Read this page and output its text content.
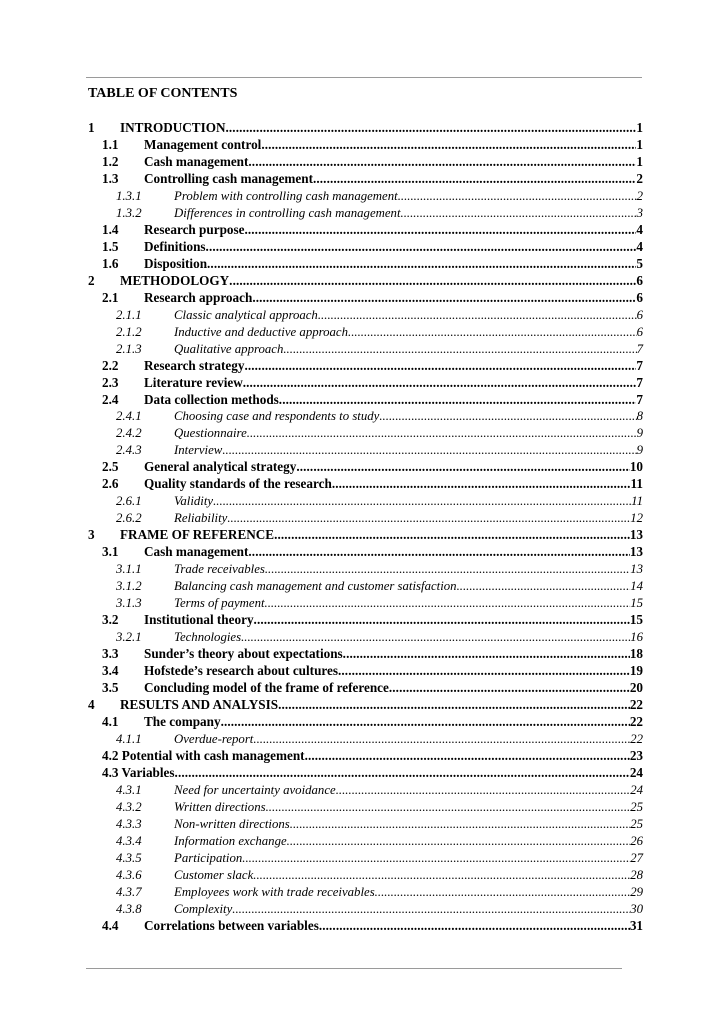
TABLE OF CONTENTS
1	INTRODUCTION . . .	1
1.1	Management control . . .	1
1.2	Cash management . . .	1
1.3	Controlling cash management . . .	2
1.3.1	Problem with controlling cash management . . .	2
1.3.2	Differences in controlling cash management . . .	3
1.4	Research purpose . . .	4
1.5	Definitions . . .	4
1.6	Disposition . . .	5
2	METHODOLOGY . . .	6
2.1	Research approach . . .	6
2.1.1	Classic analytical approach . . .	6
2.1.2	Inductive and deductive approach . . .	6
2.1.3	Qualitative approach . . .	7
2.2	Research strategy . . .	7
2.3	Literature review . . .	7
2.4	Data collection methods . . .	7
2.4.1	Choosing case and respondents to study . . .	8
2.4.2	Questionnaire . . .	9
2.4.3	Interview . . .	9
2.5	General analytical strategy . . .	10
2.6	Quality standards of the research . . .	11
2.6.1	Validity . . .	11
2.6.2	Reliability . . .	12
3	FRAME OF REFERENCE . . .	13
3.1	Cash management . . .	13
3.1.1	Trade receivables . . .	13
3.1.2	Balancing cash management and customer satisfaction . . .	14
3.1.3	Terms of payment . . .	15
3.2	Institutional theory . . .	15
3.2.1	Technologies . . .	16
3.3	Sunder’s theory about expectations . . .	18
3.4	Hofstede’s research about cultures . . .	19
3.5	Concluding model of the frame of reference . . .	20
4	RESULTS AND ANALYSIS . . .	22
4.1	The company . . .	22
4.1.1	Overdue-report . . .	22
4.2 Potential with cash management . . .	23
4.3 Variables . . .	24
4.3.1	Need for uncertainty avoidance . . .	24
4.3.2	Written directions . . .	25
4.3.3	Non-written directions . . .	25
4.3.4	Information exchange . . .	26
4.3.5	Participation . . .	27
4.3.6	Customer slack . . .	28
4.3.7	Employees work with trade receivables . . .	29
4.3.8	Complexity . . .	30
4.4	Correlations between variables . . .	31
